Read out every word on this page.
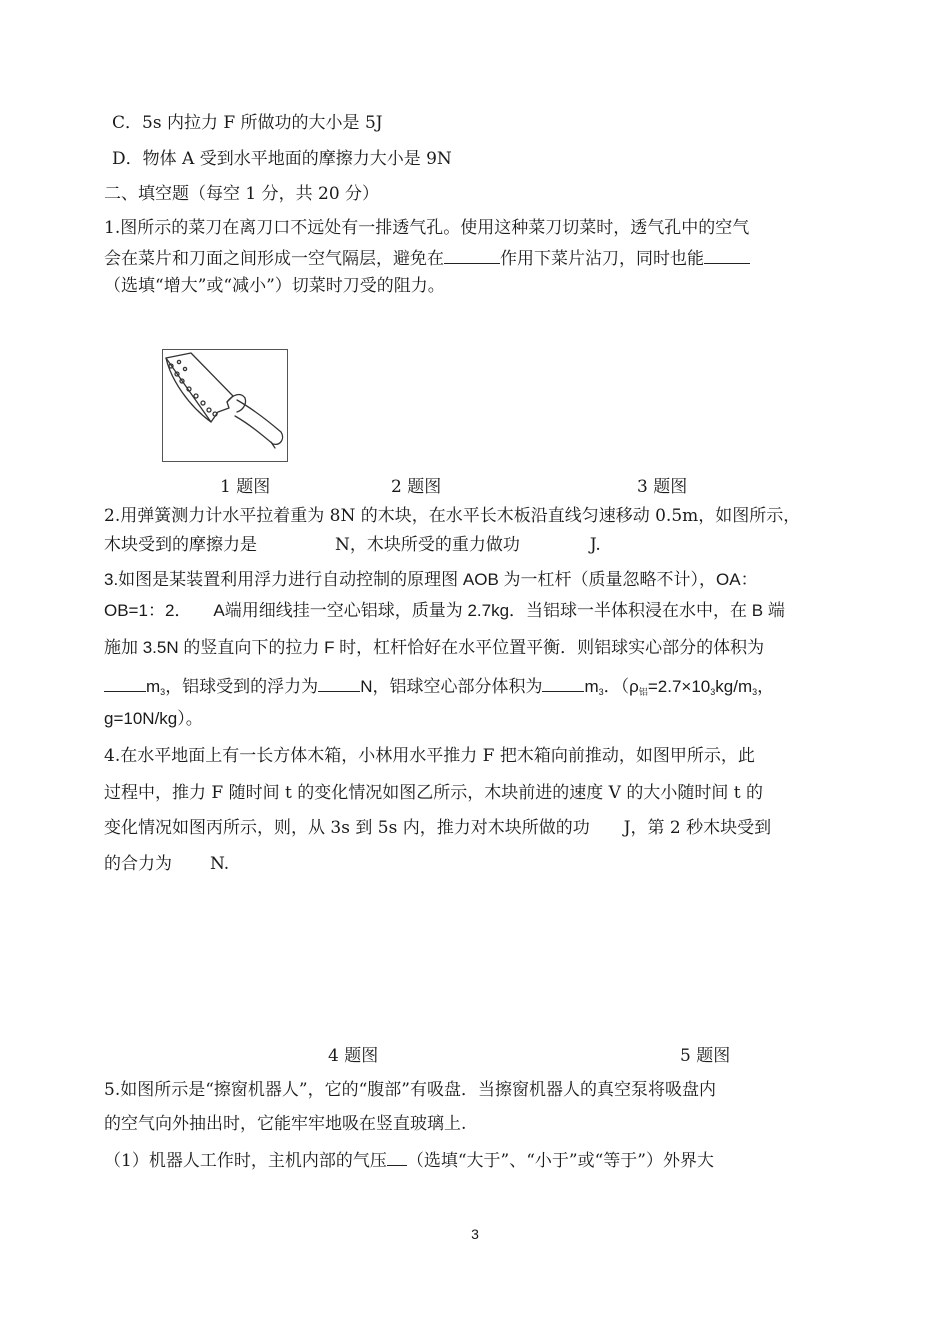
C．5s 内拉力 F 所做功的大小是 5J
D．物体 A 受到水平地面的摩擦力大小是 9N
二、填空题（每空 1 分，共 20 分）
1.图所示的菜刀在离刀口不远处有一排透气孔。使用这种菜刀切菜时，透气孔中的空气
会在菜片和刀面之间形成一空气隔层，避免在	作用下菜片沾刀，同时也能
（选填“增大”或“减小”）切菜时刀受的阻力。
1 题图	2 题图	3 题图
2.用弹簧测力计水平拉着重为 8N 的木块，在水平长木板沿直线匀速移动 0.5m，如图所示，
木块受到的摩擦力是	N，木块所受的重力做功	J.
3.如图是某装置利用浮力进行自动控制的原理图 AOB 为一杠杆（质量忽略不计），OA：
OB=1：2． A端用细线挂一空心铝球，质量为 2.7kg．当铝球一半体积浸在水中，在 B 端
施加 3.5N 的竖直向下的拉力 F 时，杠杆恰好在水平位置平衡．则铝球实心部分的体积为
$m_3$，铝球受到的浮力为 N，铝球空心部分体积为 $m_3$．（$\rho_铝=2.7\times 10_3kg/m_3$，
g=10N/kg）。
4.在水平地面上有一长方体木箱，小林用水平推力 F 把木箱向前推动，如图甲所示，此
过程中，推力 F 随时间 t 的变化情况如图乙所示，木块前进的速度 V 的大小随时间 t 的
变化情况如图丙所示，则，从 3s 到 5s 内，推力对木块所做的功 J，第 2 秒木块受到
的合力为 N.
4 题图	5 题图
5.如图所示是“擦窗机器人”，它的“腹部”有吸盘．当擦窗机器人的真空泵将吸盘内
的空气向外抽出时，它能牢牢地吸在竖直玻璃上.
（1）机器人工作时，主机内部的气压 （选填“大于”、“小于”或“等于”）外界大
3
